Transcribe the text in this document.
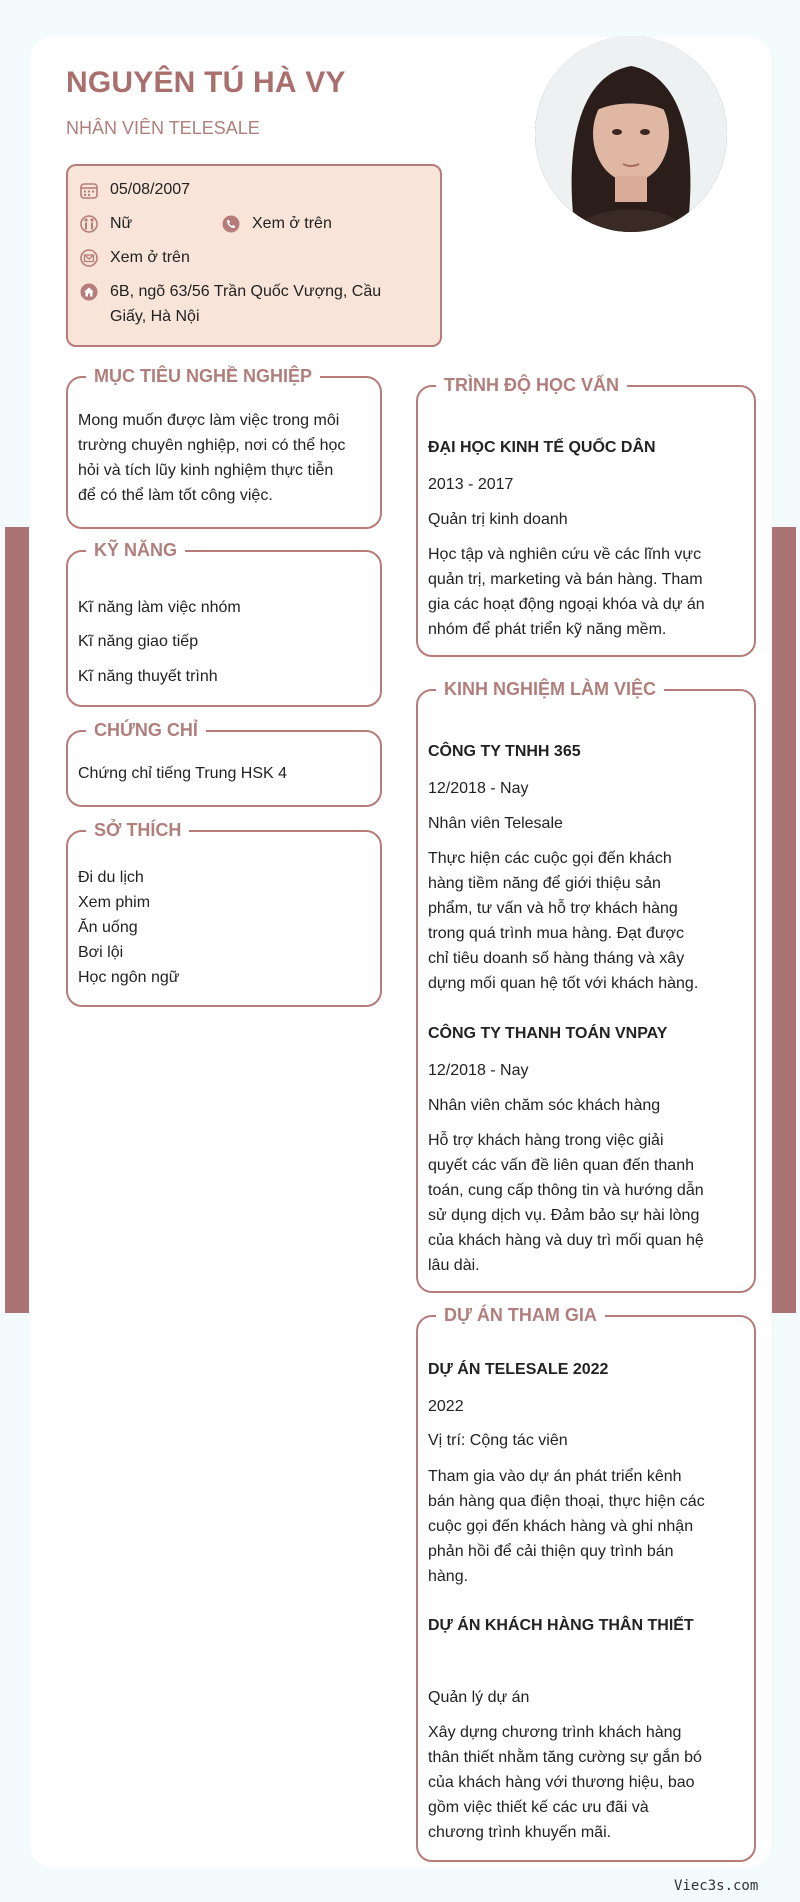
NGUYÊN TÚ HÀ VY
NHÂN VIÊN TELESALE
05/08/2007
Nữ	Xem ở trên
Xem ở trên
6B, ngõ 63/56 Trần Quốc Vượng, Cầu
Giấy, Hà Nội
MỤC TIÊU NGHỀ NGHIỆP
Mong muốn được làm việc trong môi
trường chuyên nghiệp, nơi có thể học
hỏi và tích lũy kinh nghiệm thực tiễn
để có thể làm tốt công việc.
KỸ NĂNG
Kĩ năng làm việc nhóm
Kĩ năng giao tiếp
Kĩ năng thuyết trình
CHỨNG CHỈ
Chứng chỉ tiếng Trung HSK 4
SỞ THÍCH
Đi du lịch
Xem phim
Ăn uống
Bơi lội
Học ngôn ngữ
TRÌNH ĐỘ HỌC VẤN
ĐẠI HỌC KINH TẾ QUỐC DÂN
2013 - 2017
Quản trị kinh doanh
Học tập và nghiên cứu về các lĩnh vực
quản trị, marketing và bán hàng. Tham
gia các hoạt động ngoại khóa và dự án
nhóm để phát triển kỹ năng mềm.
KINH NGHIỆM LÀM VIỆC
CÔNG TY TNHH 365
12/2018 - Nay
Nhân viên Telesale
Thực hiện các cuộc gọi đến khách
hàng tiềm năng để giới thiệu sản
phẩm, tư vấn và hỗ trợ khách hàng
trong quá trình mua hàng. Đạt được
chỉ tiêu doanh số hàng tháng và xây
dựng mối quan hệ tốt với khách hàng.
CÔNG TY THANH TOÁN VNPAY
12/2018 - Nay
Nhân viên chăm sóc khách hàng
Hỗ trợ khách hàng trong việc giải
quyết các vấn đề liên quan đến thanh
toán, cung cấp thông tin và hướng dẫn
sử dụng dịch vụ. Đảm bảo sự hài lòng
của khách hàng và duy trì mối quan hệ
lâu dài.
DỰ ÁN THAM GIA
DỰ ÁN TELESALE 2022
2022
Vị trí: Cộng tác viên
Tham gia vào dự án phát triển kênh
bán hàng qua điện thoại, thực hiện các
cuộc gọi đến khách hàng và ghi nhận
phản hồi để cải thiện quy trình bán
hàng.
DỰ ÁN KHÁCH HÀNG THÂN THIẾT
Quản lý dự án
Xây dựng chương trình khách hàng
thân thiết nhằm tăng cường sự gắn bó
của khách hàng với thương hiệu, bao
gồm việc thiết kế các ưu đãi và
chương trình khuyến mãi.
Viec3s.com
